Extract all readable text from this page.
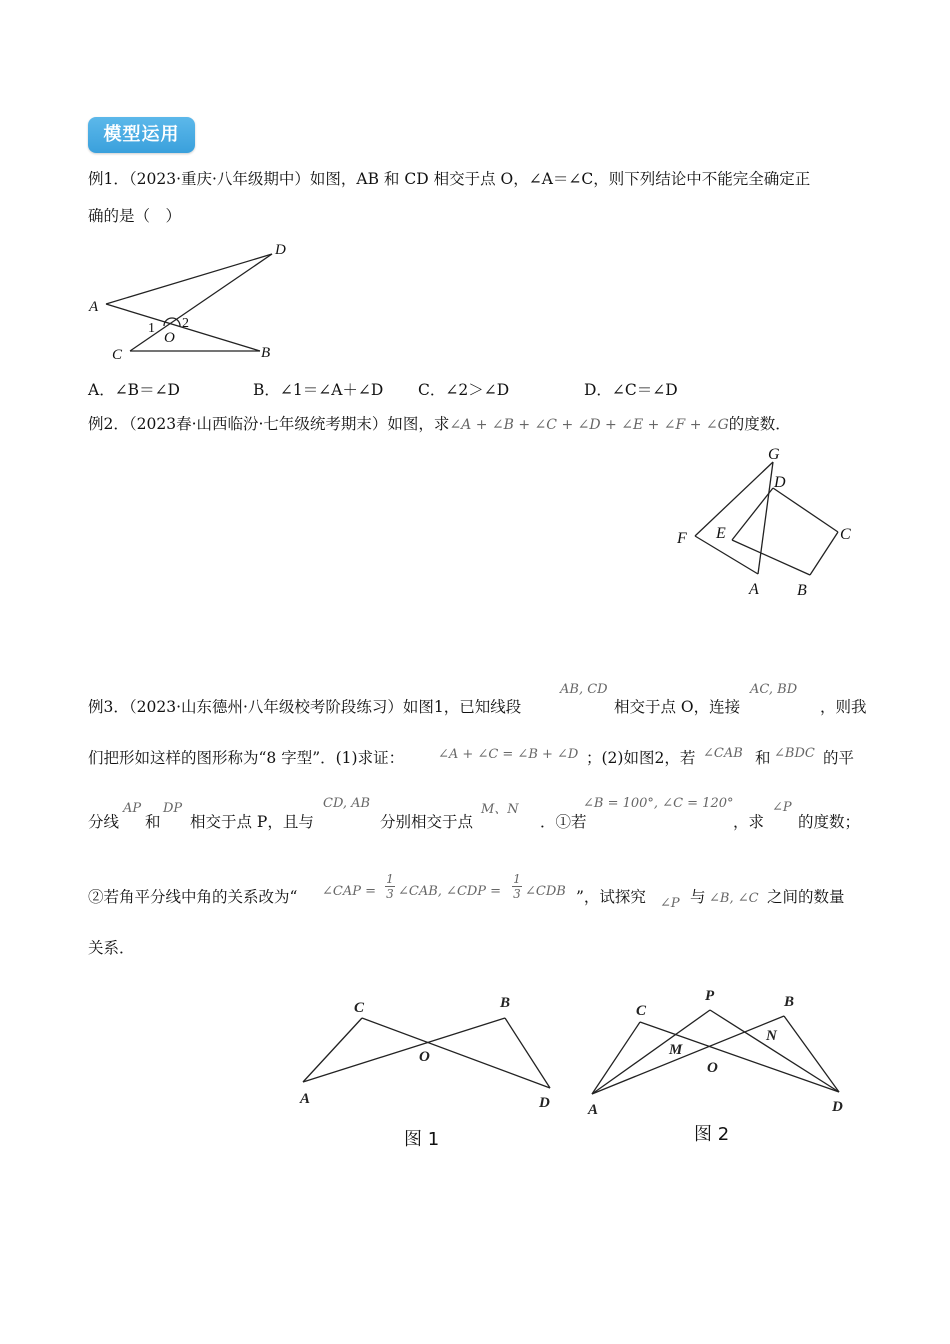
模型运用
例1．（2023·重庆·八年级期中）如图，AB 和 CD 相交于点 O，∠A＝∠C，则下列结论中不能完全确定正
确的是（　）
D
A
C	B
O
1 2
A．∠B＝∠D	B．∠1＝∠A＋∠D C．∠2＞∠D	D．∠C＝∠D
例2．（2023春·山西临汾·七年级统考期末）如图，求∠A + ∠B + ∠C + ∠D + ∠E + ∠F + ∠G的度数．
G
D
C
F E
A B
例3．（2023·山东德州·八年级校考阶段练习）如图1，已知线段
AB, CD
相交于点 O，连接
AC, BD
，则我
们把形如这样的图形称为“8 字型”．(1)求证：	∠A + ∠C = ∠B + ∠D ；(2)如图2，若 ∠CAB 和 ∠BDC 的平
分线
AP
和
DP
相交于点 P，且与
CD, AB
分别相交于点
M、N
．①若
∠B = 100°, ∠C = 120°
，求
∠P
的度数；
②若角平分线中角的关系改为“ ∠CAP = $\frac{1}{3}$ ∠CAB, ∠CDP = $\frac{1}{3}$ ∠CDB ”，试探究 ∠P 与 ∠B, ∠C 之间的数量
关系．
C	B
O
A	D
图 1
C
P	B
N
M
O
A	D
图 2
